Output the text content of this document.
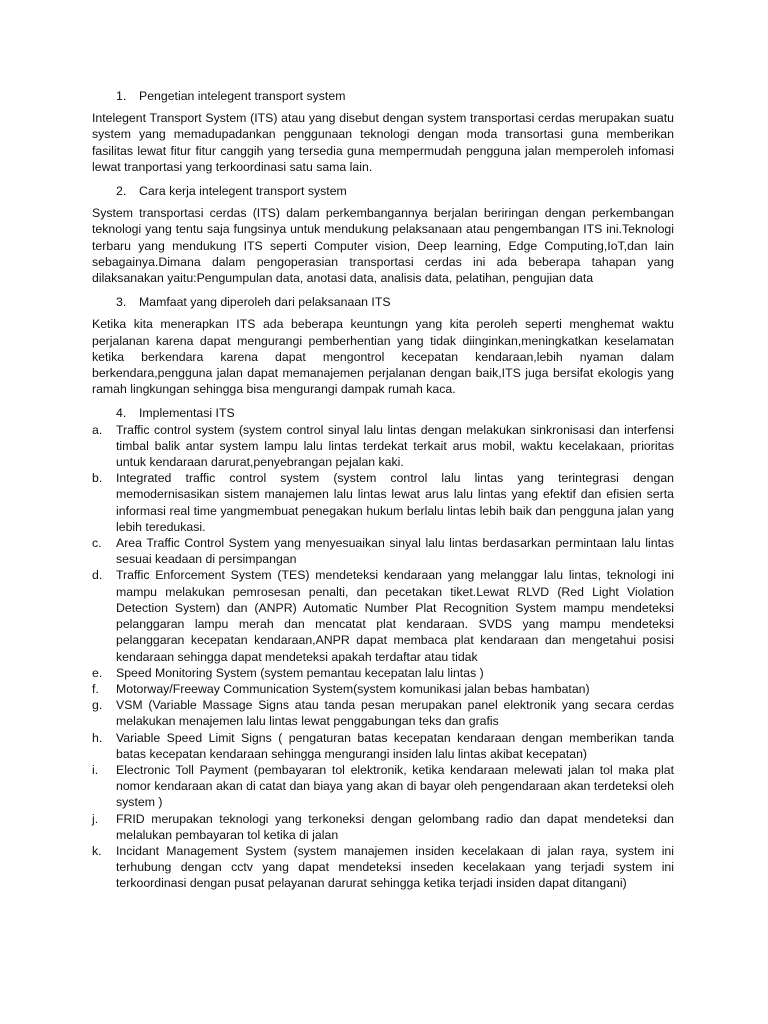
1.	Pengetian intelegent transport system

Intelegent Transport System (ITS) atau yang disebut dengan system transportasi cerdas merupakan suatu system yang memadupadankan penggunaan teknologi dengan moda transortasi guna memberikan fasilitas lewat fitur fitur canggih yang tersedia guna mempermudah pengguna jalan memperoleh infomasi lewat tranportasi yang terkoordinasi satu sama lain.

2.	Cara kerja intelegent transport system

System transportasi cerdas (ITS) dalam perkembangannya berjalan beriringan dengan perkembangan teknologi yang tentu saja fungsinya untuk mendukung pelaksanaan atau pengembangan ITS ini.Teknologi terbaru yang mendukung ITS seperti Computer vision, Deep learning, Edge Computing,IoT,dan lain sebagainya.Dimana dalam pengoperasian transportasi cerdas ini ada beberapa tahapan yang dilaksanakan yaitu:Pengumpulan data, anotasi data, analisis data, pelatihan, pengujian data

3.	Mamfaat yang diperoleh dari pelaksanaan ITS

Ketika kita menerapkan ITS ada beberapa keuntungn yang kita peroleh seperti menghemat waktu perjalanan karena dapat mengurangi pemberhentian yang tidak diinginkan,meningkatkan keselamatan ketika berkendara karena dapat mengontrol kecepatan kendaraan,lebih nyaman dalam berkendara,pengguna jalan dapat memanajemen perjalanan dengan baik,ITS juga bersifat ekologis yang ramah lingkungan sehingga bisa mengurangi dampak rumah kaca.

4.	Implementasi ITS
a.	Traffic control system (system control sinyal lalu lintas dengan melakukan sinkronisasi dan interfensi timbal balik antar system lampu lalu lintas terdekat terkait arus mobil, waktu kecelakaan, prioritas untuk kendaraan darurat,penyebrangan pejalan kaki.
b.	Integrated traffic control system (system control lalu lintas yang terintegrasi dengan memodernisasikan sistem manajemen lalu lintas lewat arus lalu lintas yang efektif dan efisien serta informasi real time yangmembuat penegakan hukum berlalu lintas lebih baik dan pengguna jalan yang lebih teredukasi.
c.	Area Traffic Control System yang menyesuaikan sinyal lalu lintas berdasarkan permintaan lalu lintas sesuai keadaan di persimpangan
d.	Traffic Enforcement System (TES) mendeteksi kendaraan yang melanggar lalu lintas, teknologi ini mampu melakukan pemrosesan penalti, dan pecetakan tiket.Lewat RLVD (Red Light Violation Detection System) dan (ANPR) Automatic Number Plat Recognition System mampu mendeteksi pelanggaran lampu merah dan mencatat plat kendaraan. SVDS yang mampu mendeteksi pelanggaran kecepatan kendaraan,ANPR dapat membaca plat kendaraan dan mengetahui posisi kendaraan sehingga dapat mendeteksi apakah terdaftar atau tidak
e.	Speed Monitoring System (system pemantau kecepatan lalu lintas )
f.	Motorway/Freeway Communication System(system komunikasi jalan bebas hambatan)
g.	VSM (Variable Massage Signs atau tanda pesan merupakan panel elektronik yang secara cerdas melakukan menajemen lalu lintas lewat penggabungan teks dan grafis
h.	Variable Speed Limit Signs ( pengaturan batas kecepatan kendaraan dengan memberikan tanda batas kecepatan kendaraan sehingga mengurangi insiden lalu lintas akibat kecepatan)
i.	Electronic Toll Payment (pembayaran tol elektronik, ketika kendaraan melewati jalan tol maka plat nomor kendaraan akan di catat dan biaya yang akan di bayar oleh pengendaraan akan terdeteksi oleh system )
j.	FRID merupakan teknologi yang terkoneksi dengan gelombang radio dan dapat mendeteksi dan melalukan pembayaran tol ketika di jalan
k.	Incidant Management System (system manajemen insiden kecelakaan di jalan raya, system ini terhubung dengan cctv yang dapat mendeteksi inseden kecelakaan yang terjadi system ini terkoordinasi dengan pusat pelayanan darurat sehingga ketika terjadi insiden dapat ditangani)
